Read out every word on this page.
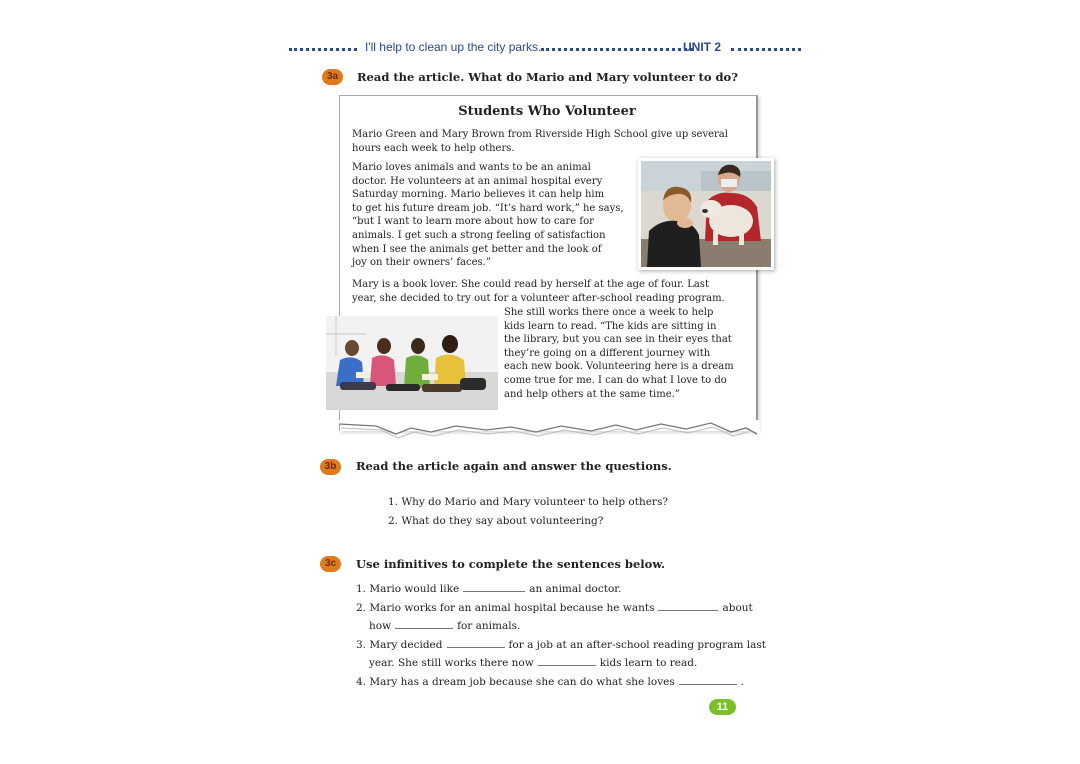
I'll help to clean up the city parks.	UNIT 2
3a	Read the article. What do Mario and Mary volunteer to do?
Students Who Volunteer
Mario Green and Mary Brown from Riverside High School give up several
hours each week to help others.
Mario loves animals and wants to be an animal
doctor. He volunteers at an animal hospital every
Saturday morning. Mario believes it can help him
to get his future dream job. “It’s hard work,” he says,
“but I want to learn more about how to care for
animals. I get such a strong feeling of satisfaction
when I see the animals get better and the look of
joy on their owners’ faces.”
Mary is a book lover. She could read by herself at the age of four. Last
year, she decided to try out for a volunteer after-school reading program.
She still works there once a week to help
kids learn to read. “The kids are sitting in
the library, but you can see in their eyes that
they’re going on a different journey with
each new book. Volunteering here is a dream
come true for me. I can do what I love to do
and help others at the same time.”
3b	Read the article again and answer the questions.
1. Why do Mario and Mary volunteer to help others?
2. What do they say about volunteering?
3c	Use infinitives to complete the sentences below.
1. Mario would like	an animal doctor.
2. Mario works for an animal hospital because he wants	about
how	for animals.
3. Mary decided	for a job at an after-school reading program last
year. She still works there now	kids learn to read.
4. Mary has a dream job because she can do what she loves	.
11
